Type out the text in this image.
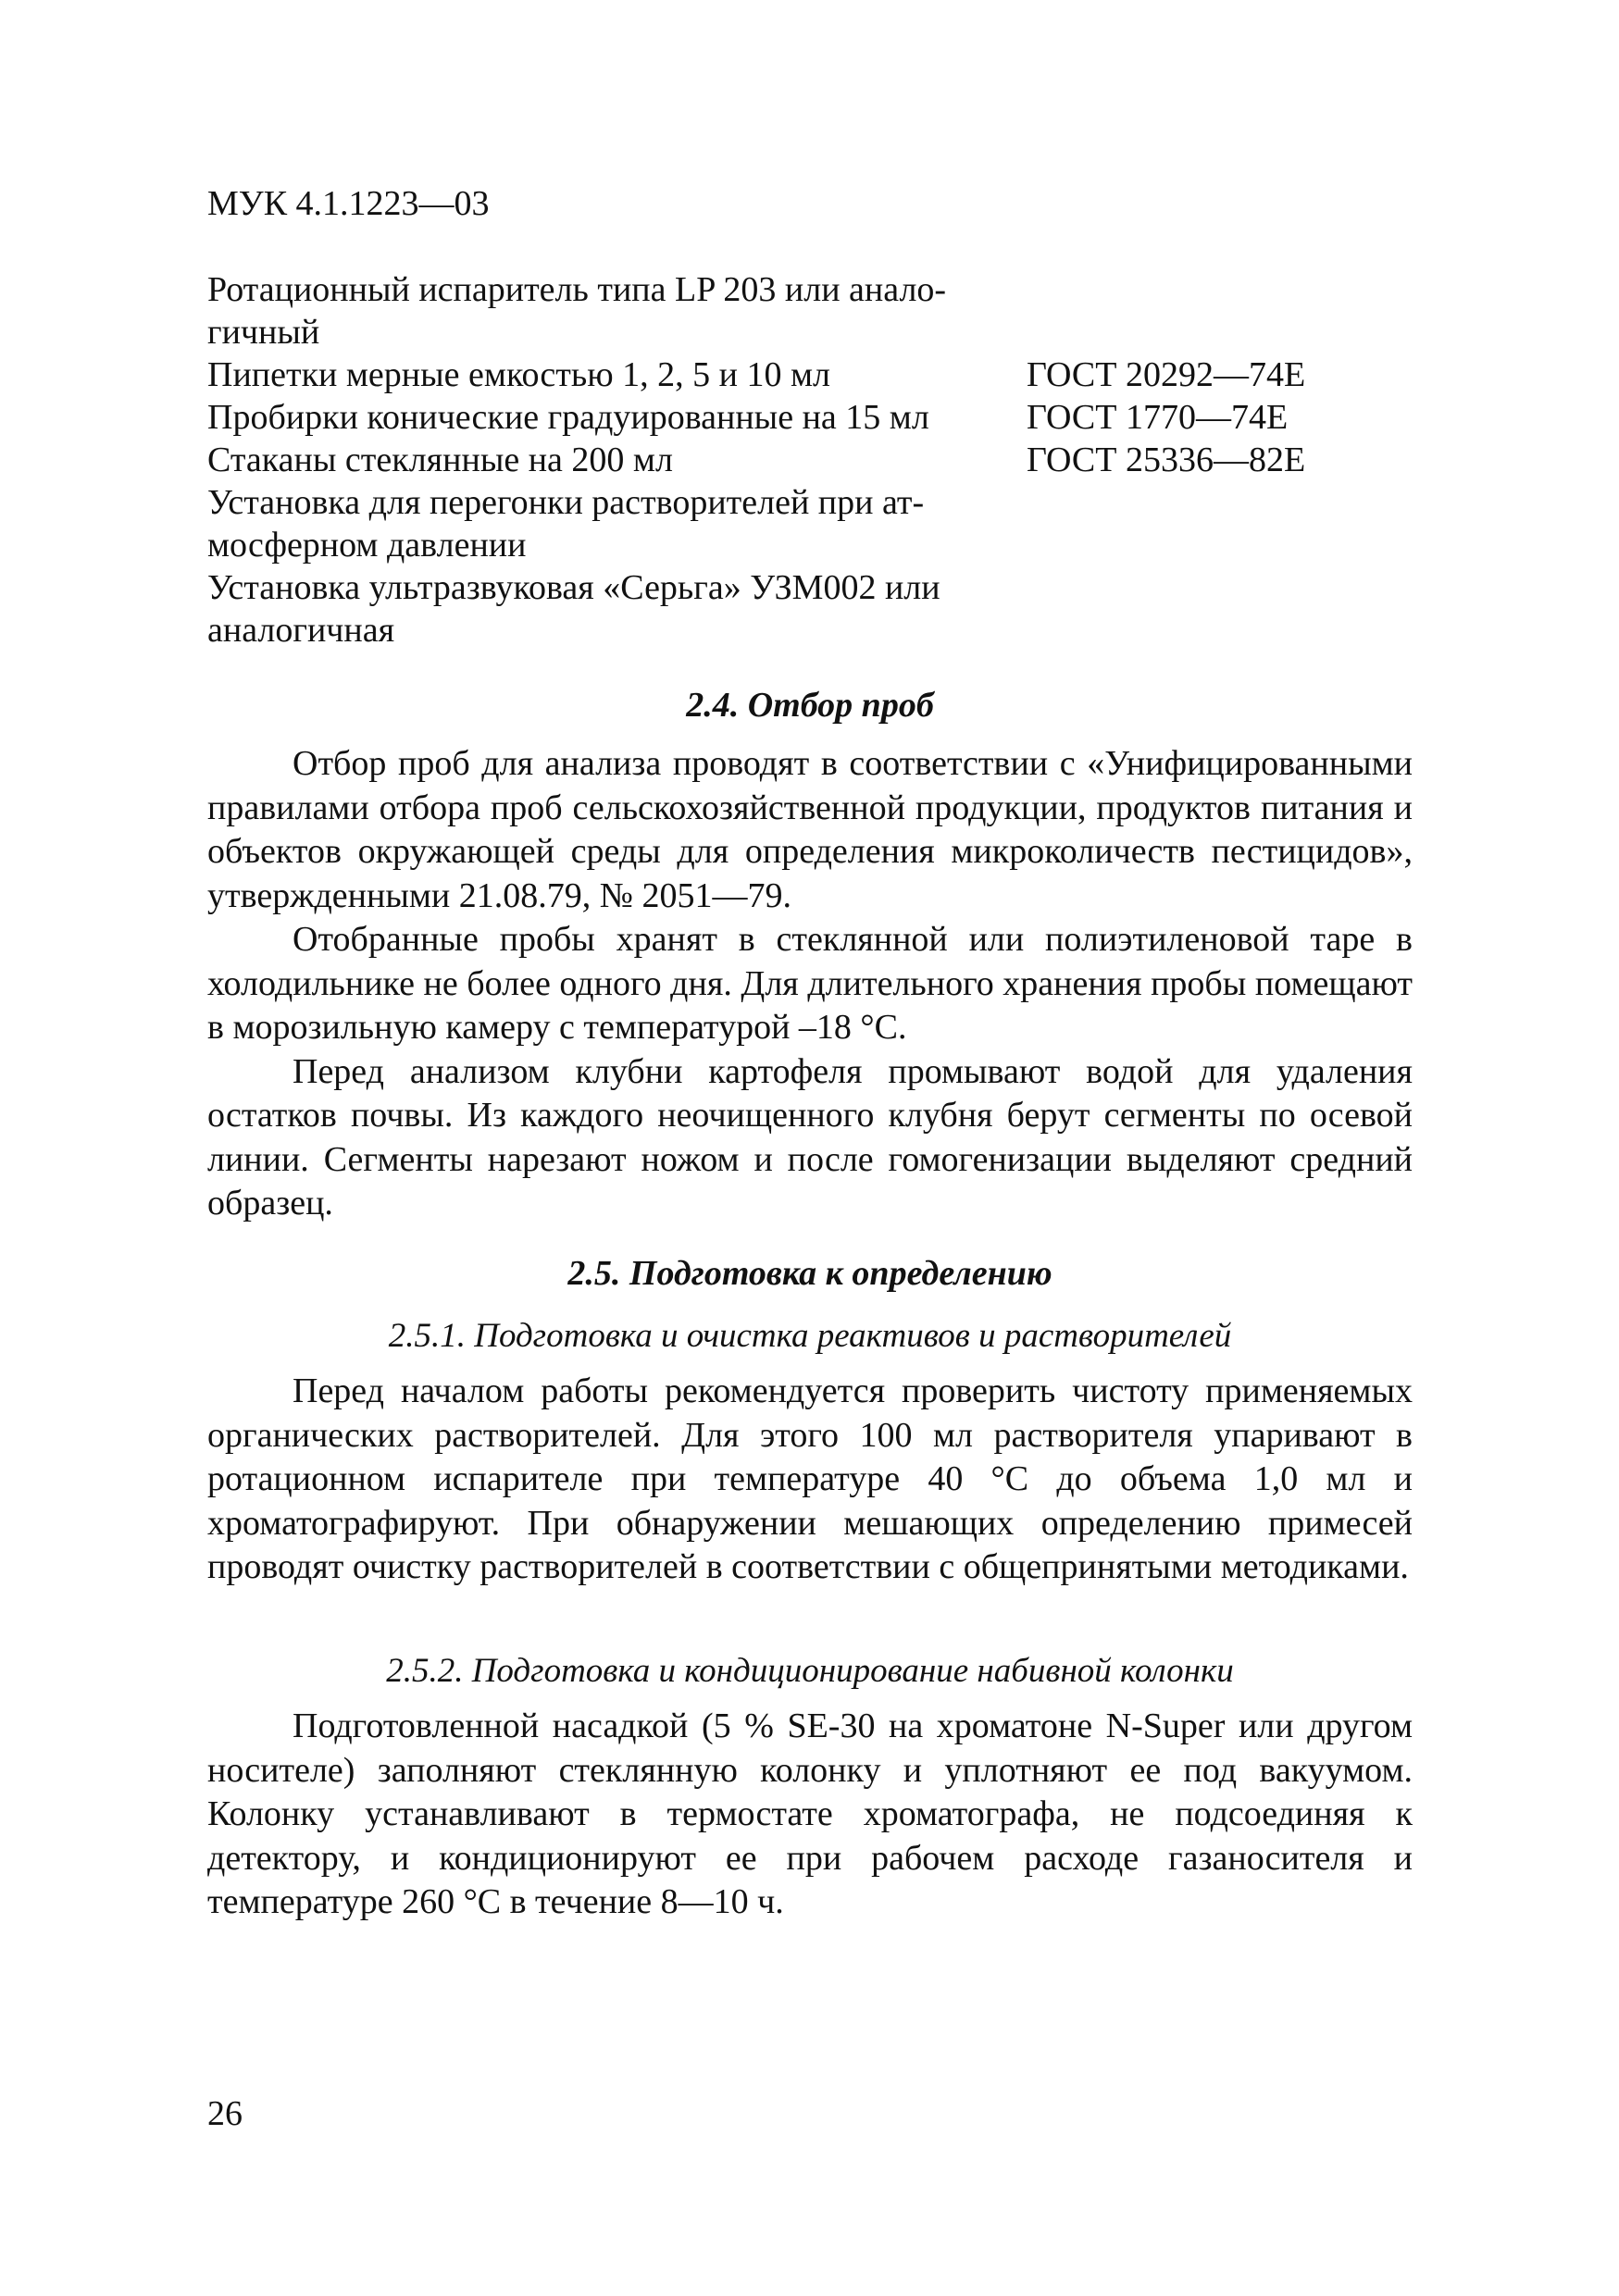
МУК 4.1.1223—03
Ротационный испаритель типа LP 203 или анало-
гичный
Пипетки мерные емкостью 1, 2, 5 и 10 мл	ГОСТ 20292—74Е
Пробирки конические градуированные на 15 мл	ГОСТ 1770—74Е
Стаканы стеклянные на 200 мл	ГОСТ 25336—82Е
Установка для перегонки растворителей при ат-
мосферном давлении
Установка ультразвуковая «Серьга» УЗМ002 или
аналогичная
2.4. Отбор проб

Отбор проб для анализа проводят в соответствии с «Унифицированными правилами отбора проб сельскохозяйственной продукции, продуктов питания и объектов окружающей среды для определения микроколичеств пестицидов», утвержденными 21.08.79, № 2051—79.

Отобранные пробы хранят в стеклянной или полиэтиленовой таре в холодильнике не более одного дня. Для длительного хранения пробы помещают в морозильную камеру с температурой –18 °С.

Перед анализом клубни картофеля промывают водой для удаления остатков почвы. Из каждого неочищенного клубня берут сегменты по осевой линии. Сегменты нарезают ножом и после гомогенизации выделяют средний образец.

2.5. Подготовка к определению
2.5.1. Подготовка и очистка реактивов и растворителей

Перед началом работы рекомендуется проверить чистоту применяемых органических растворителей. Для этого 100 мл растворителя упаривают в ротационном испарителе при температуре 40 °С до объема 1,0 мл и хроматографируют. При обнаружении мешающих определению примесей проводят очистку растворителей в соответствии с общепринятыми методиками.

2.5.2. Подготовка и кондиционирование набивной колонки

Подготовленной насадкой (5 % SE-30 на хроматоне N-Super или другом носителе) заполняют стеклянную колонку и уплотняют ее под вакуумом. Колонку устанавливают в термостате хроматографа, не подсоединяя к детектору, и кондиционируют ее при рабочем расходе газаносителя и температуре 260 °С в течение 8—10 ч.

26
